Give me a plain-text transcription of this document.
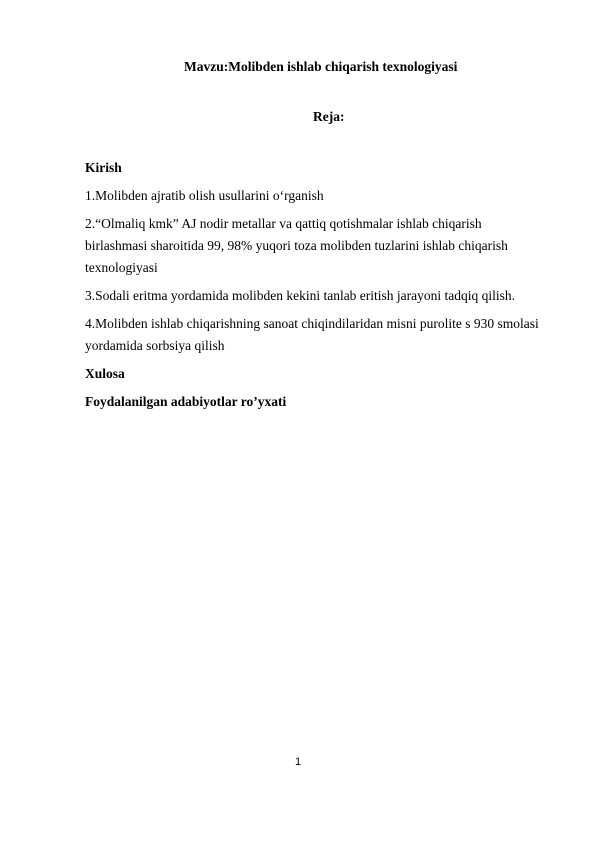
Mavzu:Molibden ishlab chiqarish texnologiyasi
Reja:

Kirish

1.Molibden ajratib olish usullarini o‘rganish

2.“Olmaliq kmk” AJ nodir metallar va qattiq qotishmalar ishlab chiqarish birlashmasi sharoitida 99, 98% yuqori toza molibden tuzlarini ishlab chiqarish texnologiyasi

3.Sodali eritma yordamida molibden kekini tanlab eritish jarayoni tadqiq qilish.

4.Molibden ishlab chiqarishning sanoat chiqindilaridan misni purolite s 930 smolasi yordamida sorbsiya qilish

Xulosa

Foydalanilgan adabiyotlar ro’yxati

1
